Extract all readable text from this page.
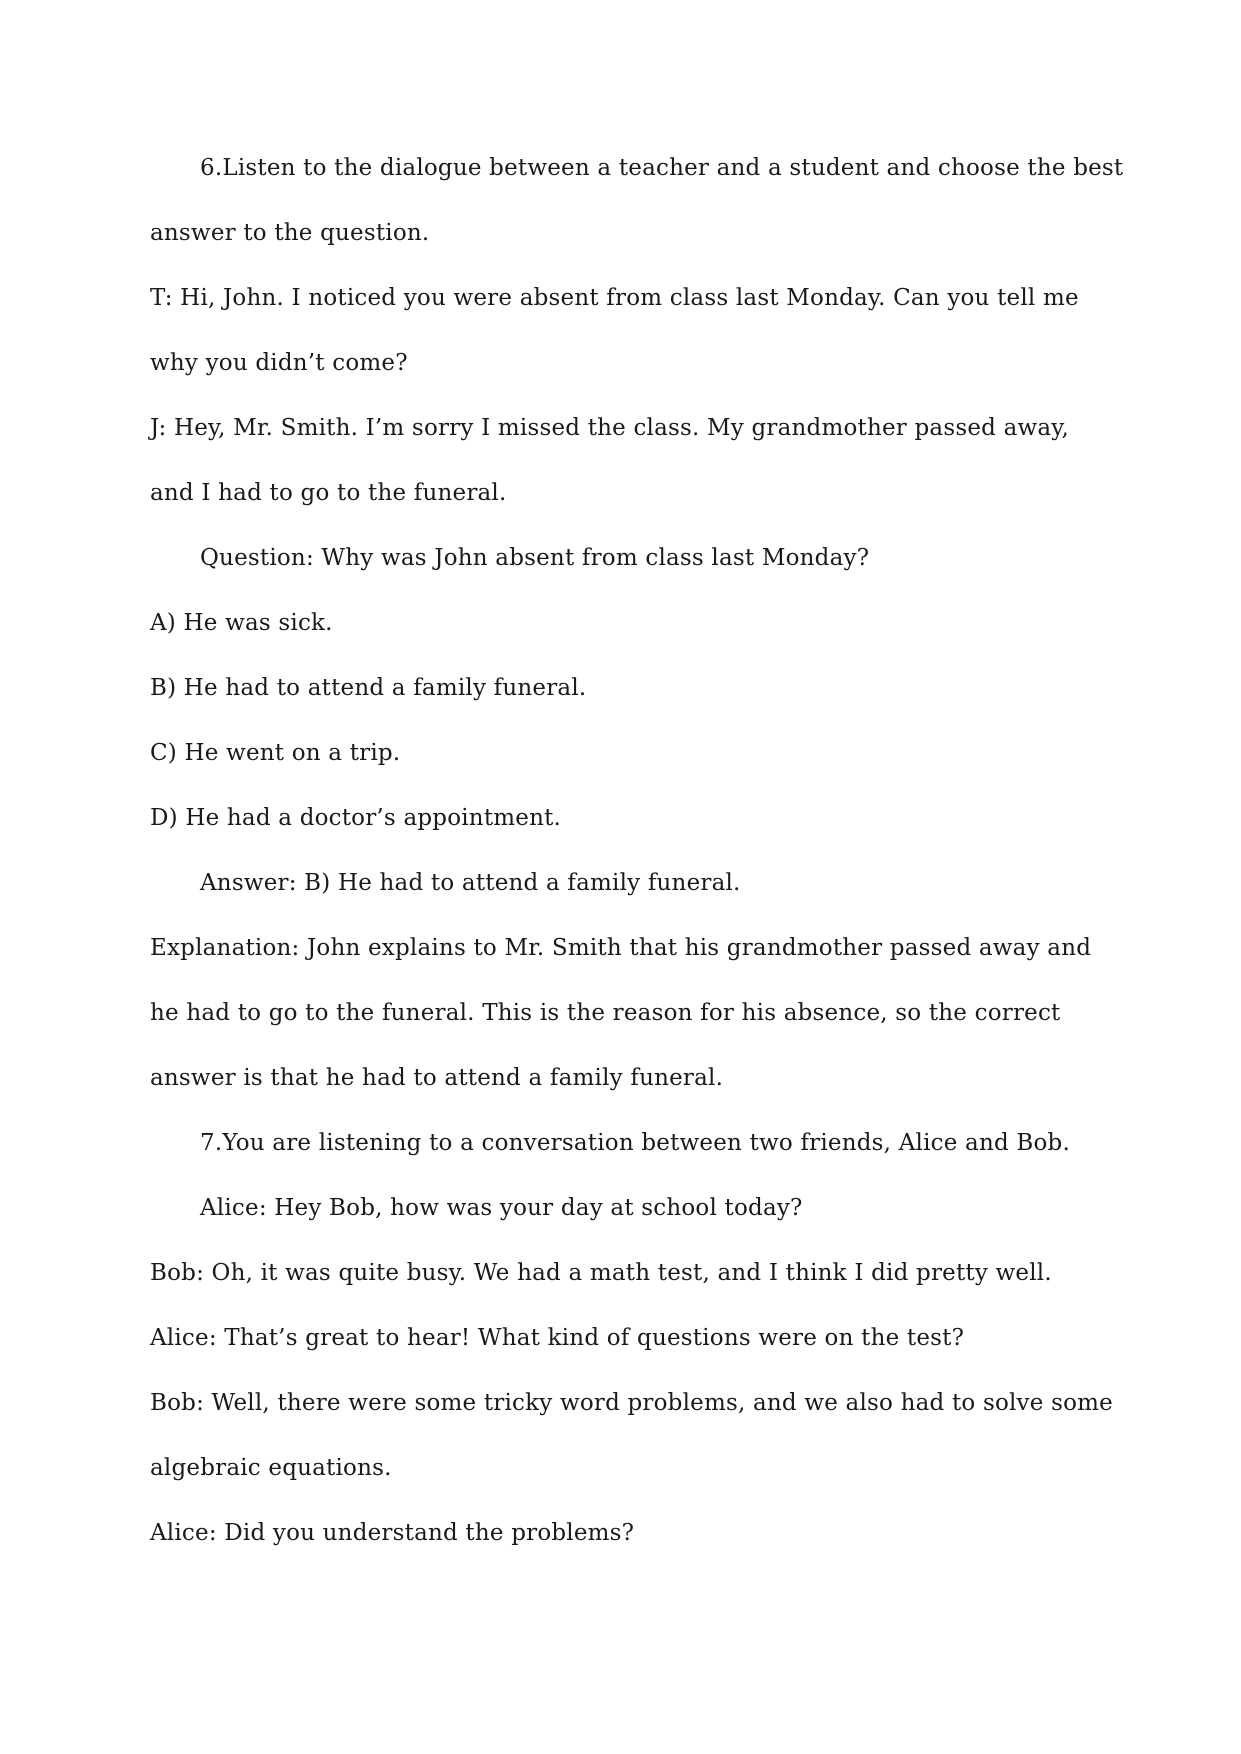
6.Listen to the dialogue between a teacher and a student and choose the best
answer to the question.
T: Hi, John. I noticed you were absent from class last Monday. Can you tell me
why you didn’t come?
J: Hey, Mr. Smith. I’m sorry I missed the class. My grandmother passed away,
and I had to go to the funeral.
Question: Why was John absent from class last Monday?
A) He was sick.
B) He had to attend a family funeral.
C) He went on a trip.
D) He had a doctor’s appointment.
Answer: B) He had to attend a family funeral.
Explanation: John explains to Mr. Smith that his grandmother passed away and
he had to go to the funeral. This is the reason for his absence, so the correct
answer is that he had to attend a family funeral.
7.You are listening to a conversation between two friends, Alice and Bob.
Alice: Hey Bob, how was your day at school today?
Bob: Oh, it was quite busy. We had a math test, and I think I did pretty well.
Alice: That’s great to hear! What kind of questions were on the test?
Bob: Well, there were some tricky word problems, and we also had to solve some
algebraic equations.
Alice: Did you understand the problems?
